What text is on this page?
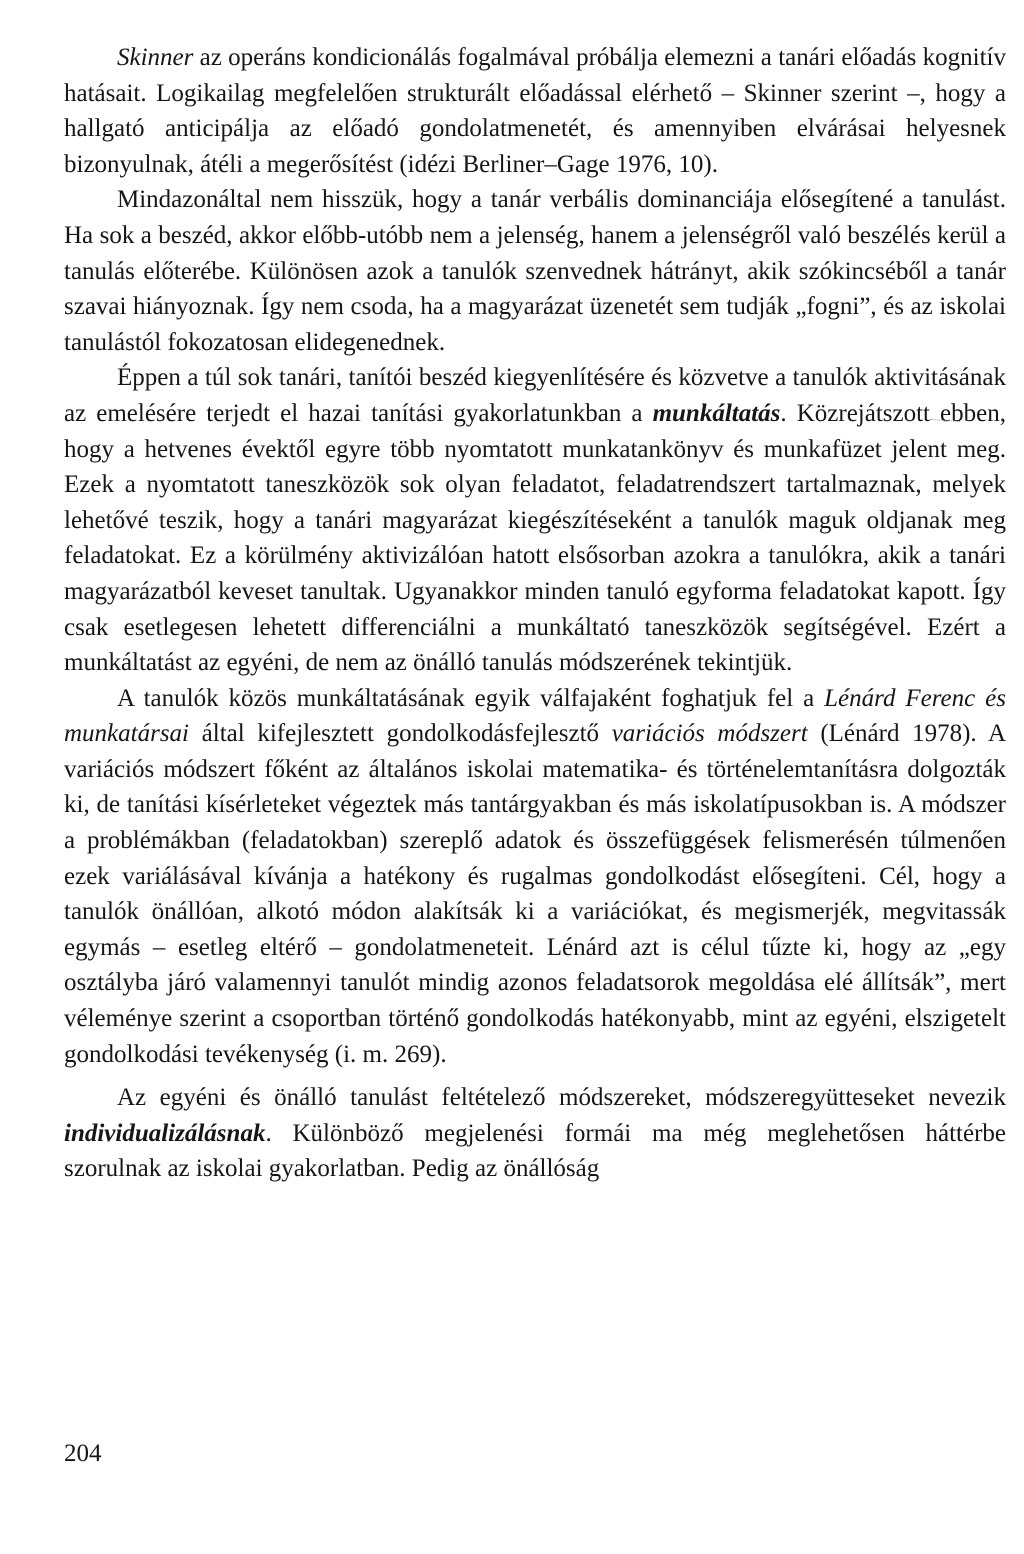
Skinner az operáns kondicionálás fogalmával próbálja elemezni a tanári előadás kognitív hatásait. Logikailag megfelelően strukturált előadással elérhető – Skinner szerint –, hogy a hallgató anticipálja az előadó gondolatmenetét, és amennyiben elvárásai helyesnek bizonyulnak, átéli a megerősítést (idézi Berliner–Gage 1976, 10).

Mindazonáltal nem hisszük, hogy a tanár verbális dominanciája elősegítené a tanulást. Ha sok a beszéd, akkor előbb-utóbb nem a jelenség, hanem a jelenségről való beszélés kerül a tanulás előterébe. Különösen azok a tanulók szenvednek hátrányt, akik szókincséből a tanár szavai hiányoznak. Így nem csoda, ha a magyarázat üzenetét sem tudják „fogni”, és az iskolai tanulástól fokozatosan elidegenednek.

Éppen a túl sok tanári, tanítói beszéd kiegyenlítésére és közvetve a tanulók aktivitásának az emelésére terjedt el hazai tanítási gyakorlatunkban a munkáltatás. Közrejátszott ebben, hogy a hetvenes évektől egyre több nyomtatott munkatankönyv és munkafüzet jelent meg. Ezek a nyomtatott taneszközök sok olyan feladatot, feladatrendszert tartalmaznak, melyek lehetővé teszik, hogy a tanári magyarázat kiegészítéseként a tanulók maguk oldjanak meg feladatokat. Ez a körülmény aktivizálóan hatott elsősorban azokra a tanulókra, akik a tanári magyarázatból keveset tanultak. Ugyanakkor minden tanuló egyforma feladatokat kapott. Így csak esetlegesen lehetett differenciálni a munkáltató taneszközök segítségével. Ezért a munkáltatást az egyéni, de nem az önálló tanulás módszerének tekintjük.

A tanulók közös munkáltatásának egyik válfajaként foghatjuk fel a Lénárd Ferenc és munkatársai által kifejlesztett gondolkodásfejlesztő variációs módszert (Lénárd 1978). A variációs módszert főként az általános iskolai matematika- és történelemtanításra dolgozták ki, de tanítási kísérleteket végeztek más tantárgyakban és más iskolatípusokban is. A módszer a problémákban (feladatokban) szereplő adatok és összefüggések felismerésén túlmenően ezek variálásával kívánja a hatékony és rugalmas gondolkodást elősegíteni. Cél, hogy a tanulók önállóan, alkotó módon alakítsák ki a variációkat, és megismerjék, megvitassák egymás – esetleg eltérő – gondolatmeneteit. Lénárd azt is célul tűzte ki, hogy az „egy osztályba járó valamennyi tanulót mindig azonos feladatsorok megoldása elé állítsák”, mert véleménye szerint a csoportban történő gondolkodás hatékonyabb, mint az egyéni, elszigetelt gondolkodási tevékenység (i. m. 269).

Az egyéni és önálló tanulást feltételező módszereket, módszeregyütteseket nevezik individualizálásnak. Különböző megjelenési formái ma még meglehetősen háttérbe szorulnak az iskolai gyakorlatban. Pedig az önállóság

204
